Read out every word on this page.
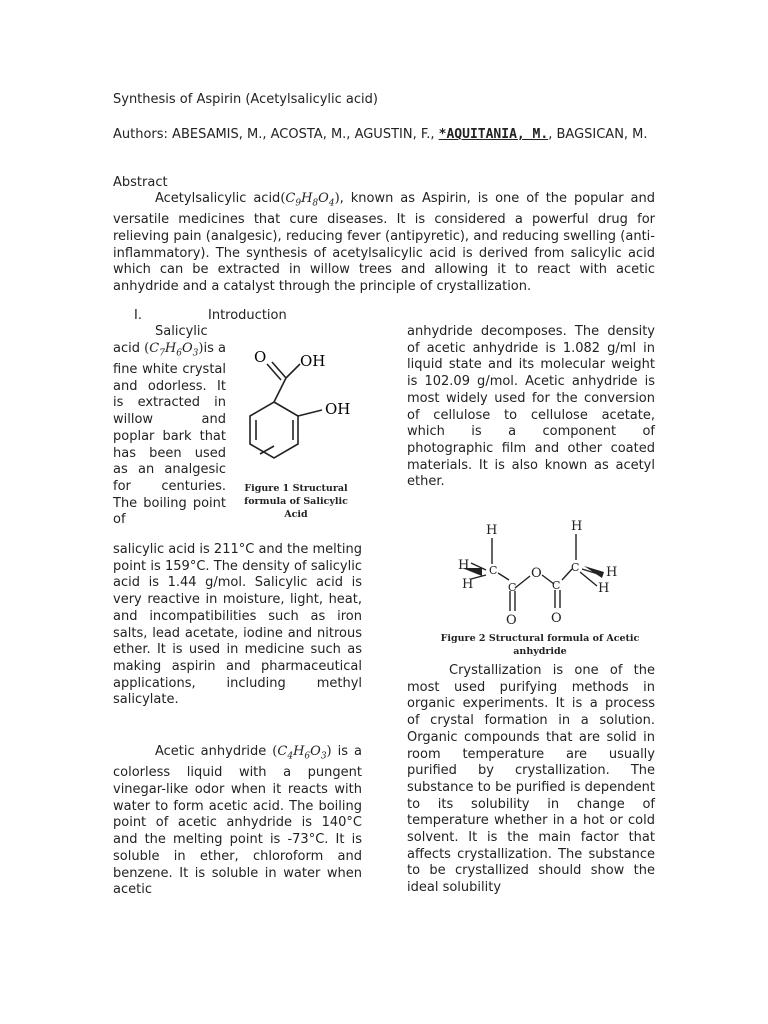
Synthesis of Aspirin (Acetylsalicylic acid)
Authors: ABESAMIS, M., ACOSTA, M., AGUSTIN, F., *AQUITANIA, M., BAGSICAN, M.
Abstract

Acetylsalicylic $acid(C_9H_8O_4)$, known as Aspirin, is one of the popular and versatile medicines that cure diseases. It is considered a powerful drug for relieving pain (analgesic), reducing fever (antipyretic), and reducing swelling (anti-inflammatory). The synthesis of acetylsalicylic acid is derived from salicylic acid which can be extracted in willow trees and allowing it to react with acetic anhydride and a catalyst through the principle of crystallization.

I.	Introduction

Salicylic acid $(C_7H_6O_3)is$ a fine white crystal and odorless. It is extracted in willow and poplar bark that has been used as an analgesic for centuries. The boiling point of

salicylic acid is 211°C and the melting point is 159°C. The density of salicylic acid is 1.44 g/mol. Salicylic acid is very reactive in moisture, light, heat, and incompatibilities such as iron salts, lead acetate, iodine and nitrous ether. It is used in medicine such as making aspirin and pharmaceutical applications, including methyl salicylate.

Acetic anhydride $(C_4H_6O_3)$ is a colorless liquid with a pungent vinegar-like odor when it reacts with water to form acetic acid. The boiling point of acetic anhydride is 140°C and the melting point is -73°C. It is soluble in ether, chloroform and benzene. It is soluble in water when acetic

anhydride decomposes. The density of acetic anhydride is 1.082 g/ml in liquid state and its molecular weight is 102.09 g/mol. Acetic anhydride is most widely used for the conversion of cellulose to cellulose acetate, which is a component of photographic film and other coated materials. It is also known as acetyl ether.

Crystallization is one of the most used purifying methods in organic experiments. It is a process of crystal formation in a solution. Organic compounds that are solid in room temperature are usually purified by crystallization. The substance to be purified is dependent to its solubility in change of temperature whether in a hot or cold solvent. It is the main factor that affects crystallization. The substance to be crystallized should show the ideal solubility

O OH
OH
Figure 1 Structural formula of Salicylic Acid
H
H
H
C
C
O
C
C
H
H
H
O	O
Figure 2 Structural formula of Acetic anhydride
